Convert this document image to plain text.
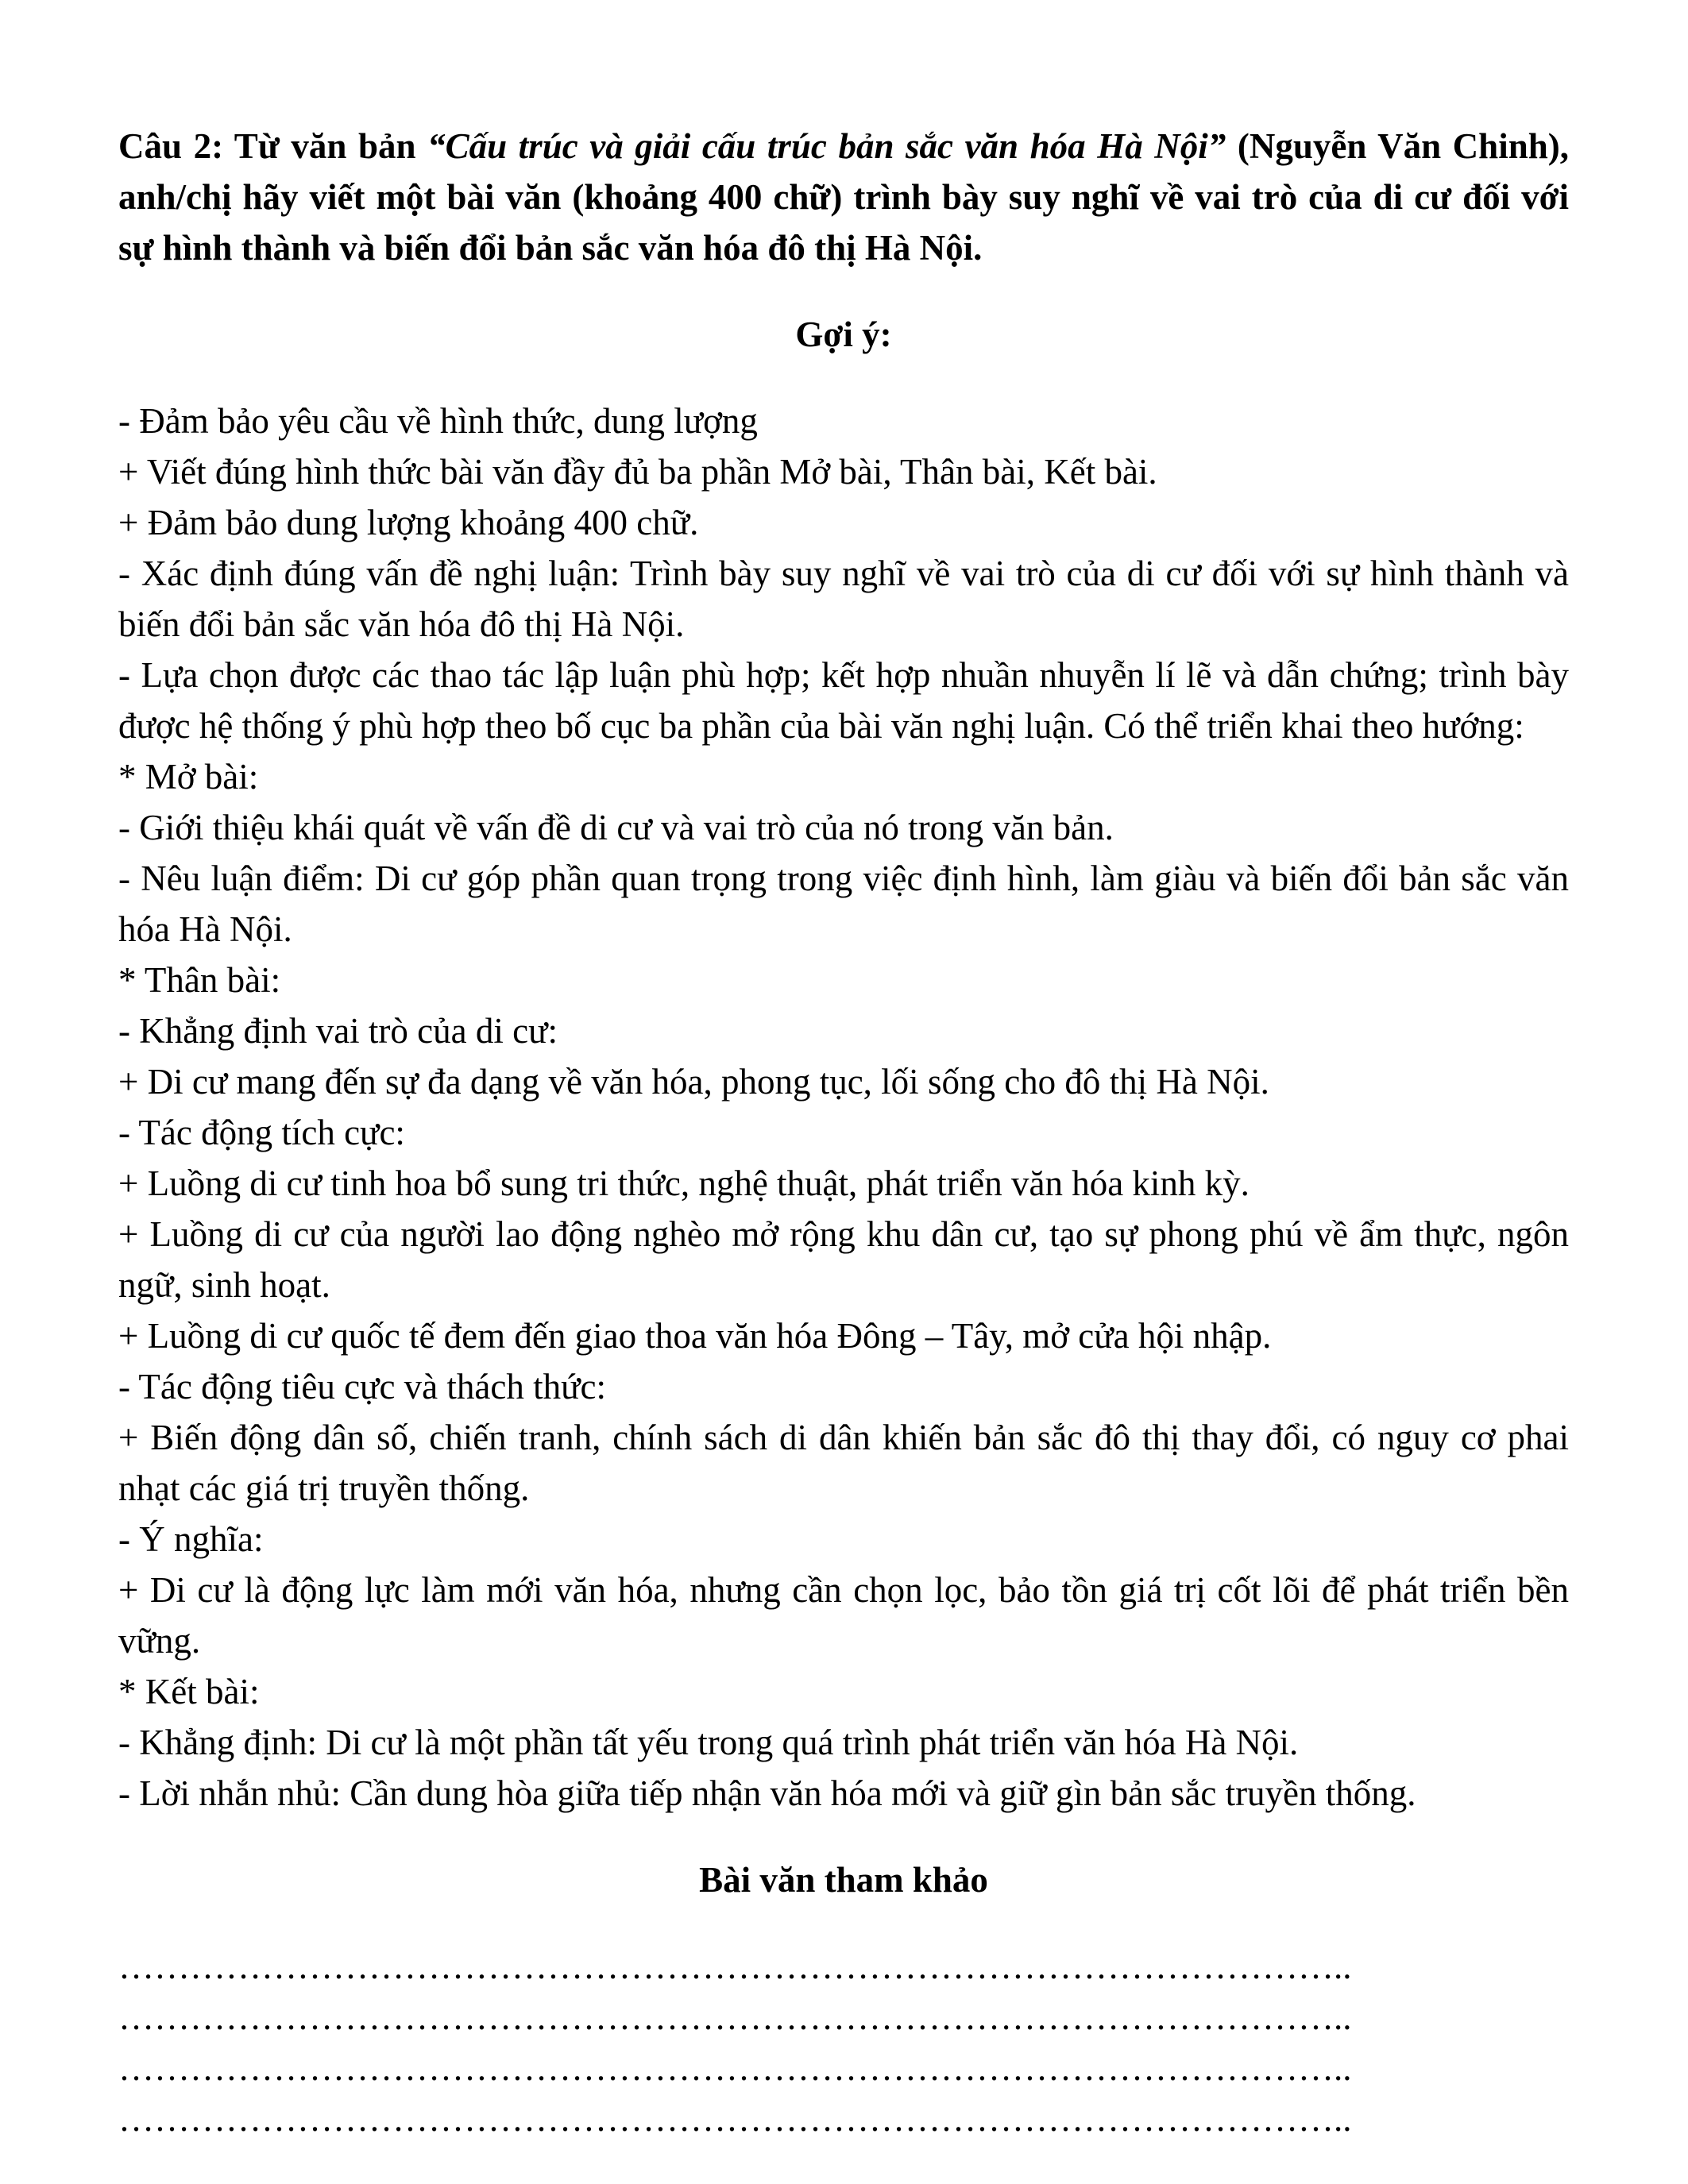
Câu 2: Từ văn bản “Cấu trúc và giải cấu trúc bản sắc văn hóa Hà Nội” (Nguyễn Văn Chinh), anh/chị hãy viết một bài văn (khoảng 400 chữ) trình bày suy nghĩ về vai trò của di cư đối với sự hình thành và biến đổi bản sắc văn hóa đô thị Hà Nội.

Gợi ý:

- Đảm bảo yêu cầu về hình thức, dung lượng

+ Viết đúng hình thức bài văn đầy đủ ba phần Mở bài, Thân bài, Kết bài.

+ Đảm bảo dung lượng khoảng 400 chữ.

- Xác định đúng vấn đề nghị luận: Trình bày suy nghĩ về vai trò của di cư đối với sự hình thành và biến đổi bản sắc văn hóa đô thị Hà Nội.

- Lựa chọn được các thao tác lập luận phù hợp; kết hợp nhuần nhuyễn lí lẽ và dẫn chứng; trình bày được hệ thống ý phù hợp theo bố cục ba phần của bài văn nghị luận. Có thể triển khai theo hướng:

* Mở bài:

- Giới thiệu khái quát về vấn đề di cư và vai trò của nó trong văn bản.

- Nêu luận điểm: Di cư góp phần quan trọng trong việc định hình, làm giàu và biến đổi bản sắc văn hóa Hà Nội.

* Thân bài:

- Khẳng định vai trò của di cư:

+ Di cư mang đến sự đa dạng về văn hóa, phong tục, lối sống cho đô thị Hà Nội.

- Tác động tích cực:

+ Luồng di cư tinh hoa bổ sung tri thức, nghệ thuật, phát triển văn hóa kinh kỳ.

+ Luồng di cư của người lao động nghèo mở rộng khu dân cư, tạo sự phong phú về ẩm thực, ngôn ngữ, sinh hoạt.

+ Luồng di cư quốc tế đem đến giao thoa văn hóa Đông – Tây, mở cửa hội nhập.

- Tác động tiêu cực và thách thức:

+ Biến động dân số, chiến tranh, chính sách di dân khiến bản sắc đô thị thay đổi, có nguy cơ phai nhạt các giá trị truyền thống.

- Ý nghĩa:

+ Di cư là động lực làm mới văn hóa, nhưng cần chọn lọc, bảo tồn giá trị cốt lõi để phát triển bền vững.

* Kết bài:

- Khẳng định: Di cư là một phần tất yếu trong quá trình phát triển văn hóa Hà Nội.

- Lời nhắn nhủ: Cần dung hòa giữa tiếp nhận văn hóa mới và giữ gìn bản sắc truyền thống.

Bài văn tham khảo

…………………………………………………………………………………………..

…………………………………………………………………………………………..

…………………………………………………………………………………………..

…………………………………………………………………………………………..
